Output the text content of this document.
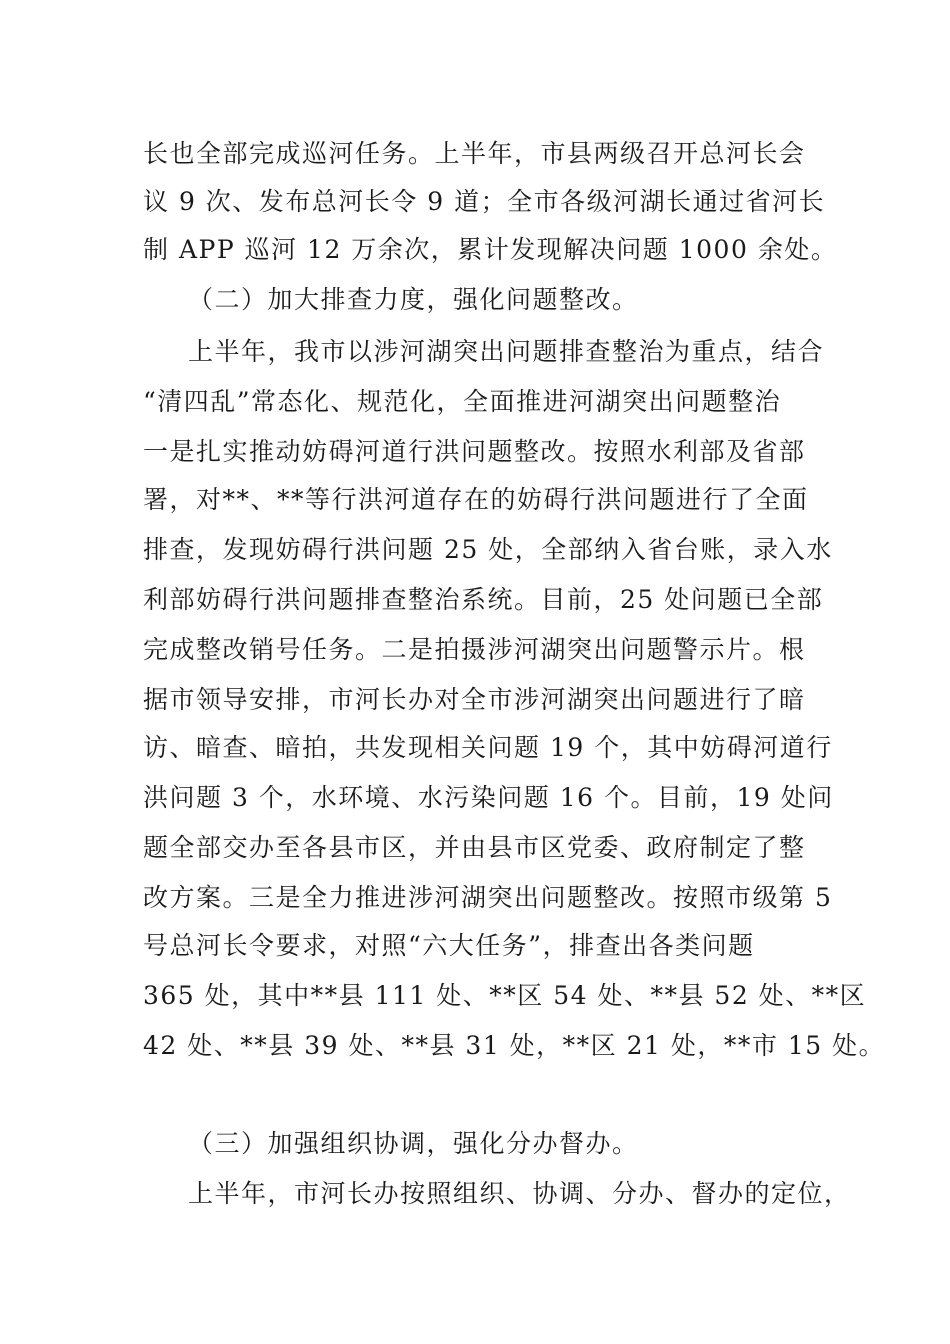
长也全部完成巡河任务。上半年，市县两级召开总河长会
议 9 次、发布总河长令 9 道；全市各级河湖长通过省河长
制 APP 巡河 12 万余次，累计发现解决问题 1000 余处。
（二）加大排查力度，强化问题整改。
上半年，我市以涉河湖突出问题排查整治为重点，结合
“清四乱”常态化、规范化，全面推进河湖突出问题整治
一是扎实推动妨碍河道行洪问题整改。按照水利部及省部
署，对**、**等行洪河道存在的妨碍行洪问题进行了全面
排查，发现妨碍行洪问题 25 处，全部纳入省台账，录入水
利部妨碍行洪问题排查整治系统。目前，25 处问题已全部
完成整改销号任务。二是拍摄涉河湖突出问题警示片。根
据市领导安排，市河长办对全市涉河湖突出问题进行了暗
访、暗查、暗拍，共发现相关问题 19 个，其中妨碍河道行
洪问题 3 个，水环境、水污染问题 16 个。目前，19 处问
题全部交办至各县市区，并由县市区党委、政府制定了整
改方案。三是全力推进涉河湖突出问题整改。按照市级第 5
号总河长令要求，对照“六大任务”，排查出各类问题
365 处，其中**县 111 处、**区 54 处、**县 52 处、**区
42 处、**县 39 处、**县 31 处，**区 21 处，**市 15 处。
（三）加强组织协调，强化分办督办。
上半年，市河长办按照组织、协调、分办、督办的定位，
